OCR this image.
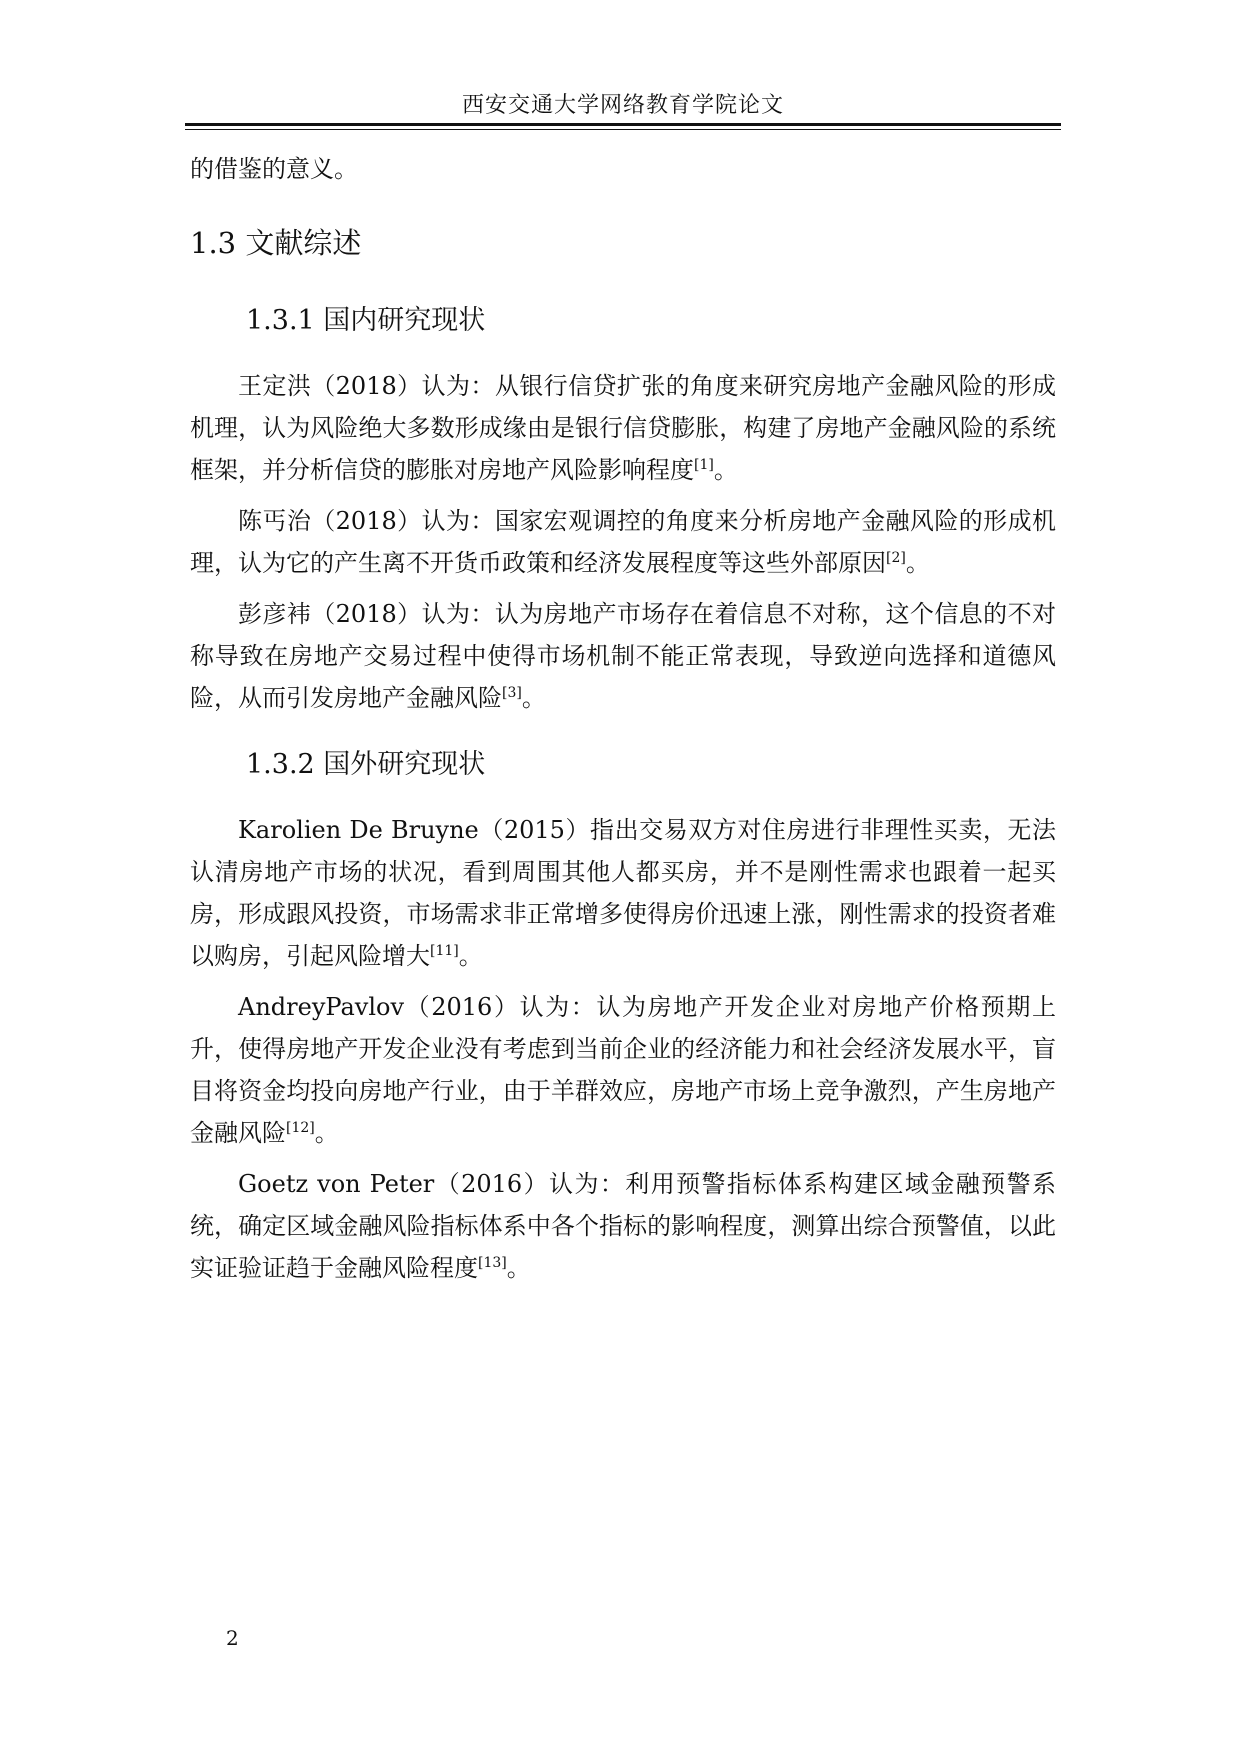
西安交通大学网络教育学院论文

的借鉴的意义。

1.3 文献综述
1.3.1 国内研究现状

王定洪（2018）认为：从银行信贷扩张的角度来研究房地产金融风险的形成机理，认为风险绝大多数形成缘由是银行信贷膨胀，构建了房地产金融风险的系统框架，并分析信贷的膨胀对房地产风险影响程度[1]。

陈丐治（2018）认为：国家宏观调控的角度来分析房地产金融风险的形成机理，认为它的产生离不开货币政策和经济发展程度等这些外部原因[2]。

彭彦袆（2018）认为：认为房地产市场存在着信息不对称，这个信息的不对称导致在房地产交易过程中使得市场机制不能正常表现，导致逆向选择和道德风险，从而引发房地产金融风险[3]。

1.3.2 国外研究现状

Karolien De Bruyne（2015）指出交易双方对住房进行非理性买卖，无法认清房地产市场的状况，看到周围其他人都买房，并不是刚性需求也跟着一起买房，形成跟风投资，市场需求非正常增多使得房价迅速上涨，刚性需求的投资者难以购房，引起风险增大[11]。

AndreyPavlov（2016）认为：认为房地产开发企业对房地产价格预期上升，使得房地产开发企业没有考虑到当前企业的经济能力和社会经济发展水平，盲目将资金均投向房地产行业，由于羊群效应，房地产市场上竞争激烈，产生房地产金融风险[12]。

Goetz von Peter（2016）认为：利用预警指标体系构建区域金融预警系统，确定区域金融风险指标体系中各个指标的影响程度，测算出综合预警值，以此实证验证趋于金融风险程度[13]。

2
